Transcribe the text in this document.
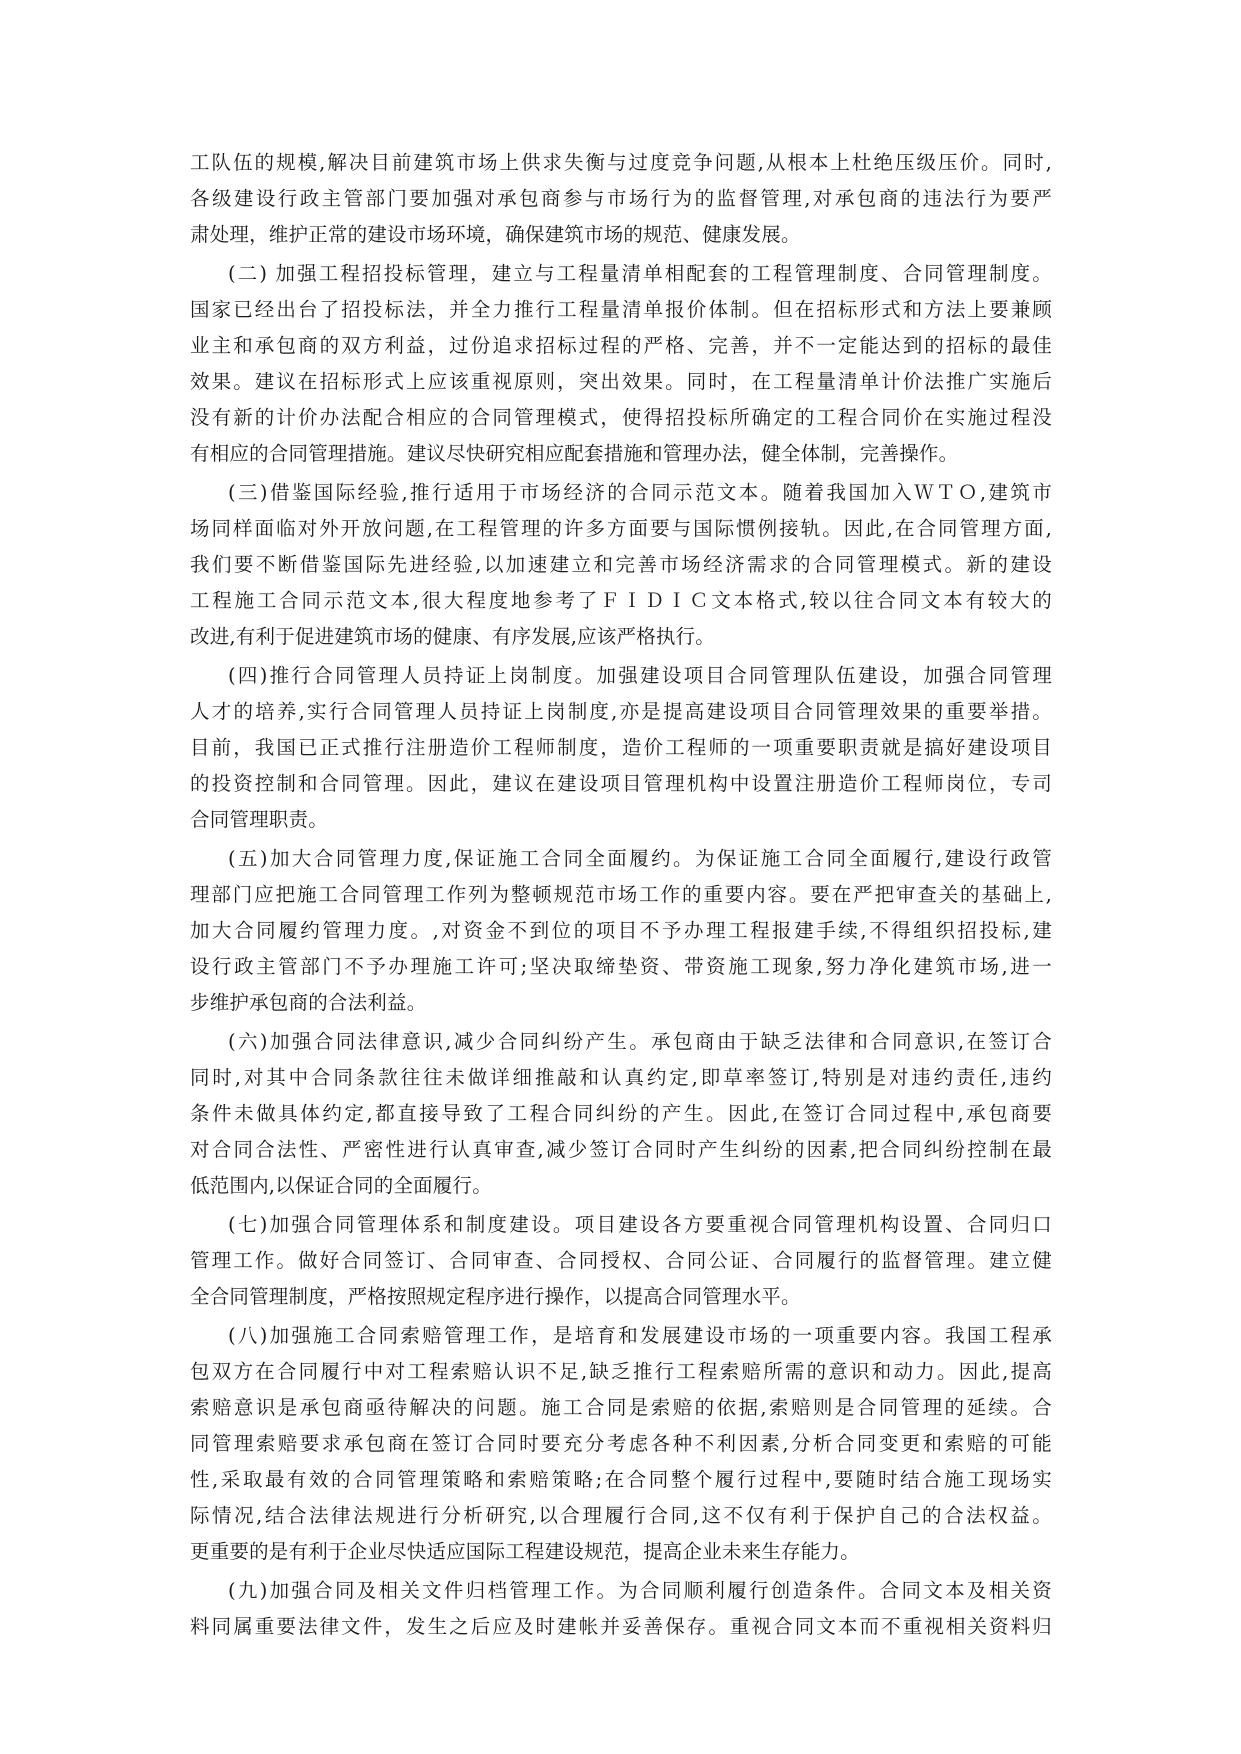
工队伍的规模,解决目前建筑市场上供求失衡与过度竞争问题,从根本上杜绝压级压价。同时,
各级建设行政主管部门要加强对承包商参与市场行为的监督管理,对承包商的违法行为要严
肃处理，维护正常的建设市场环境，确保建筑市场的规范、健康发展。
(二) 加强工程招投标管理，建立与工程量清单相配套的工程管理制度、合同管理制度。
国家已经出台了招投标法，并全力推行工程量清单报价体制。但在招标形式和方法上要兼顾
业主和承包商的双方利益，过份追求招标过程的严格、完善，并不一定能达到的招标的最佳
效果。建议在招标形式上应该重视原则，突出效果。同时，在工程量清单计价法推广实施后
没有新的计价办法配合相应的合同管理模式，使得招投标所确定的工程合同价在实施过程没
有相应的合同管理措施。建议尽快研究相应配套措施和管理办法，健全体制，完善操作。
(三)借鉴国际经验,推行适用于市场经济的合同示范文本。随着我国加入ＷＴＯ,建筑市
场同样面临对外开放问题,在工程管理的许多方面要与国际惯例接轨。因此,在合同管理方面,
我们要不断借鉴国际先进经验,以加速建立和完善市场经济需求的合同管理模式。新的建设
工程施工合同示范文本,很大程度地参考了ＦＩＤＩＣ文本格式,较以往合同文本有较大的
改进,有利于促进建筑市场的健康、有序发展,应该严格执行。
(四)推行合同管理人员持证上岗制度。加强建设项目合同管理队伍建设，加强合同管理
人才的培养,实行合同管理人员持证上岗制度,亦是提高建设项目合同管理效果的重要举措。
目前，我国已正式推行注册造价工程师制度，造价工程师的一项重要职责就是搞好建设项目
的投资控制和合同管理。因此，建议在建设项目管理机构中设置注册造价工程师岗位，专司
合同管理职责。
(五)加大合同管理力度,保证施工合同全面履约。为保证施工合同全面履行,建设行政管
理部门应把施工合同管理工作列为整顿规范市场工作的重要内容。要在严把审查关的基础上,
加大合同履约管理力度。,对资金不到位的项目不予办理工程报建手续,不得组织招投标,建
设行政主管部门不予办理施工许可;坚决取缔垫资、带资施工现象,努力净化建筑市场,进一
步维护承包商的合法利益。
(六)加强合同法律意识,减少合同纠纷产生。承包商由于缺乏法律和合同意识,在签订合
同时,对其中合同条款往往未做详细推敲和认真约定,即草率签订,特别是对违约责任,违约
条件未做具体约定,都直接导致了工程合同纠纷的产生。因此,在签订合同过程中,承包商要
对合同合法性、严密性进行认真审查,减少签订合同时产生纠纷的因素,把合同纠纷控制在最
低范围内,以保证合同的全面履行。
(七)加强合同管理体系和制度建设。项目建设各方要重视合同管理机构设置、合同归口
管理工作。做好合同签订、合同审查、合同授权、合同公证、合同履行的监督管理。建立健
全合同管理制度，严格按照规定程序进行操作，以提高合同管理水平。
(八)加强施工合同索赔管理工作，是培育和发展建设市场的一项重要内容。我国工程承
包双方在合同履行中对工程索赔认识不足,缺乏推行工程索赔所需的意识和动力。因此,提高
索赔意识是承包商亟待解决的问题。施工合同是索赔的依据,索赔则是合同管理的延续。合
同管理索赔要求承包商在签订合同时要充分考虑各种不利因素,分析合同变更和索赔的可能
性,采取最有效的合同管理策略和索赔策略;在合同整个履行过程中,要随时结合施工现场实
际情况,结合法律法规进行分析研究,以合理履行合同,这不仅有利于保护自己的合法权益。
更重要的是有利于企业尽快适应国际工程建设规范，提高企业未来生存能力。
(九)加强合同及相关文件归档管理工作。为合同顺利履行创造条件。合同文本及相关资
料同属重要法律文件，发生之后应及时建帐并妥善保存。重视合同文本而不重视相关资料归
